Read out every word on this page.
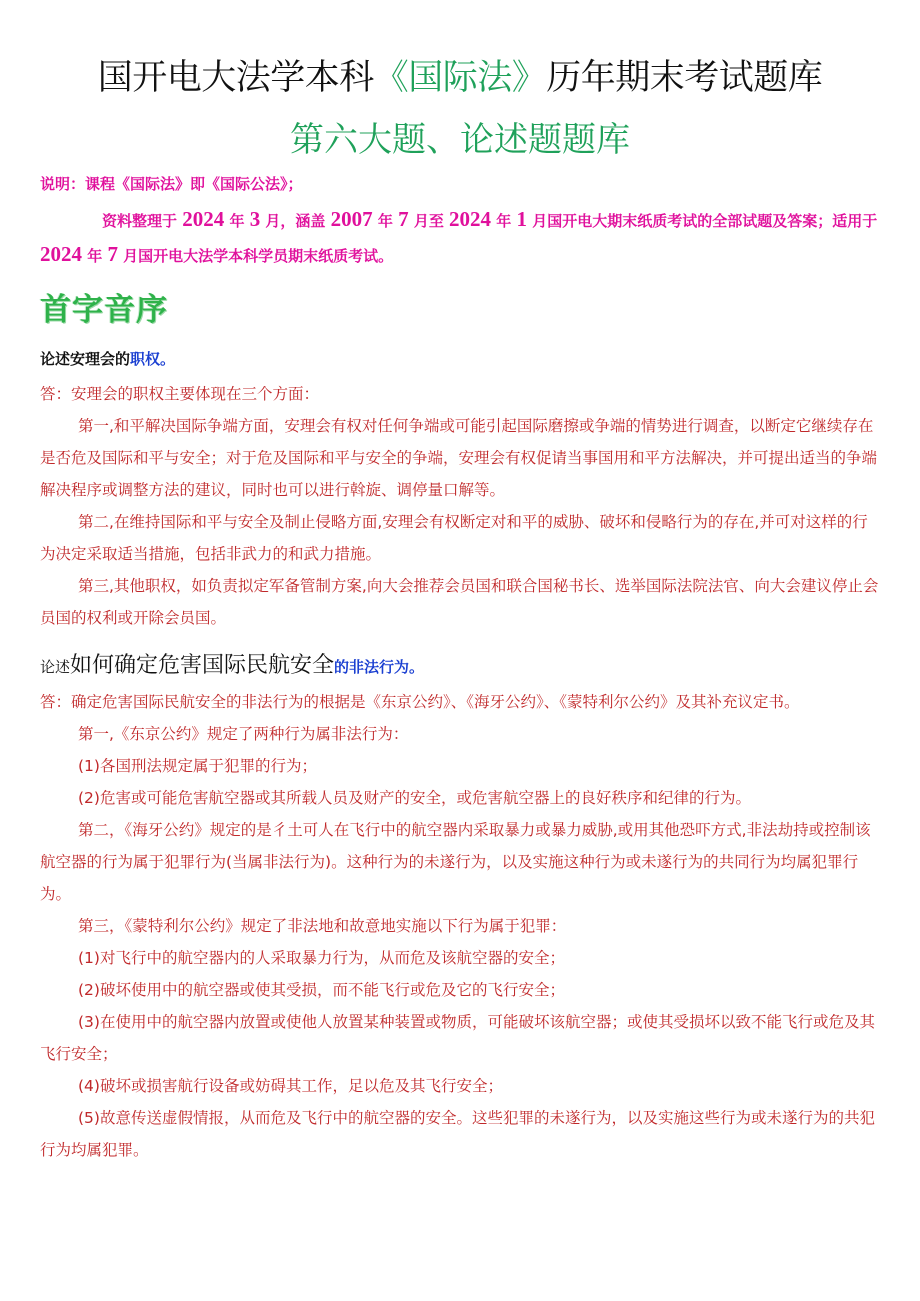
国开电大法学本科《国际法》历年期末考试题库
第六大题、论述题题库
说明：课程《国际法》即《国际公法》；
资料整理于 2024 年 3 月，涵盖 2007 年 7 月至 2024 年 1 月国开电大期末纸质考试的全部试题及答案；适用于 2024 年 7 月国开电大法学本科学员期末纸质考试。
首字音序
论述安理会的职权。

答：安理会的职权主要体现在三个方面：

第一,和平解决国际争端方面，安理会有权对任何争端或可能引起国际磨擦或争端的情势进行调查，以断定它继续存在是否危及国际和平与安全；对于危及国际和平与安全的争端，安理会有权促请当事国用和平方法解决，并可提出适当的争端解决程序或调整方法的建议，同时也可以进行斡旋、调停量口解等。

第二,在维持国际和平与安全及制止侵略方面,安理会有权断定对和平的威胁、破坏和侵略行为的存在,并可对这样的行为决定采取适当措施，包括非武力的和武力措施。

第三,其他职权，如负责拟定军备管制方案,向大会推荐会员国和联合国秘书长、选举国际法院法官、向大会建议停止会员国的权利或开除会员国。

论述如何确定危害国际民航安全的非法行为。

答：确定危害国际民航安全的非法行为的根据是《东京公约》、《海牙公约》、《蒙特利尔公约》及其补充议定书。

第一,《东京公约》规定了两种行为属非法行为：

(1)各国刑法规定属于犯罪的行为；

(2)危害或可能危害航空器或其所载人员及财产的安全，或危害航空器上的良好秩序和纪律的行为。

第二，《海牙公约》规定的是彳土可人在飞行中的航空器内采取暴力或暴力威胁,或用其他恐吓方式,非法劫持或控制该航空器的行为属于犯罪行为(当属非法行为)。这种行为的未遂行为，以及实施这种行为或未遂行为的共同行为均属犯罪行为。

第三，《蒙特利尔公约》规定了非法地和故意地实施以下行为属于犯罪：

(1)对飞行中的航空器内的人采取暴力行为，从而危及该航空器的安全；

(2)破坏使用中的航空器或使其受损，而不能飞行或危及它的飞行安全；

(3)在使用中的航空器内放置或使他人放置某种装置或物质，可能破坏该航空器；或使其受损坏以致不能飞行或危及其飞行安全；

(4)破坏或损害航行设备或妨碍其工作，足以危及其飞行安全；

(5)故意传送虚假情报，从而危及飞行中的航空器的安全。这些犯罪的未遂行为，以及实施这些行为或未遂行为的共犯行为均属犯罪。
